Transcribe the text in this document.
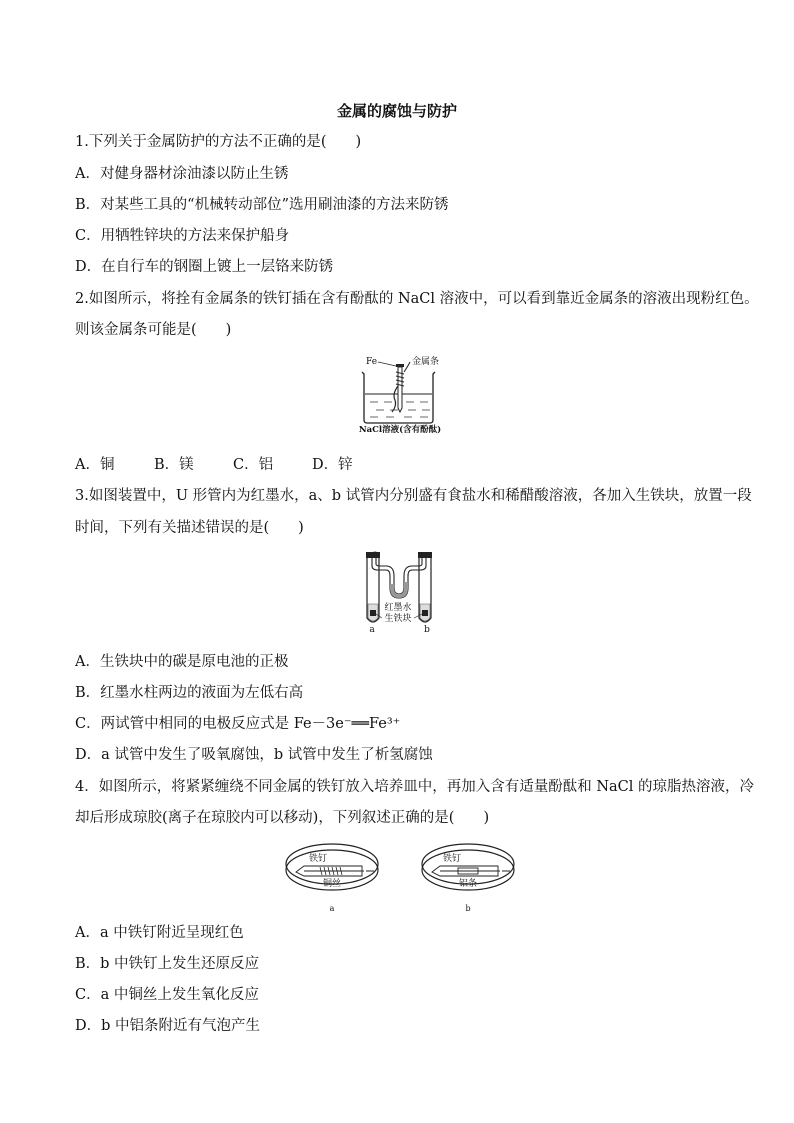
金属的腐蚀与防护
1.下列关于金属防护的方法不正确的是(　　)
A．对健身器材涂油漆以防止生锈
B．对某些工具的“机械转动部位”选用刷油漆的方法来防锈
C．用牺牲锌块的方法来保护船身
D．在自行车的钢圈上镀上一层铬来防锈
2.如图所示，将拴有金属条的铁钉插在含有酚酞的 NaCl 溶液中，可以看到靠近金属条的溶液出现粉红色。
则该金属条可能是(　　)
Fe	金属条
NaCl溶液(含有酚酞)
A．铜	B．镁	C．铝	D．锌
3.如图装置中，U 形管内为红墨水，a、b 试管内分别盛有食盐水和稀醋酸溶液，各加入生铁块，放置一段
时间，下列有关描述错误的是(　　)
红墨水
生铁块
a	b
A．生铁块中的碳是原电池的正极
B．红墨水柱两边的液面为左低右高
C．两试管中相同的电极反应式是 Fe－3e⁻══Fe³⁺
D．a 试管中发生了吸氧腐蚀，b 试管中发生了析氢腐蚀
4．如图所示，将紧紧缠绕不同金属的铁钉放入培养皿中，再加入含有适量酚酞和 NaCl 的琼脂热溶液，冷
却后形成琼胶(离子在琼胶内可以移动)，下列叙述正确的是(　　)
铁钉
铜丝
a
铁钉
铝条
b
A．a 中铁钉附近呈现红色
B．b 中铁钉上发生还原反应
C．a 中铜丝上发生氧化反应
D．b 中铝条附近有气泡产生
